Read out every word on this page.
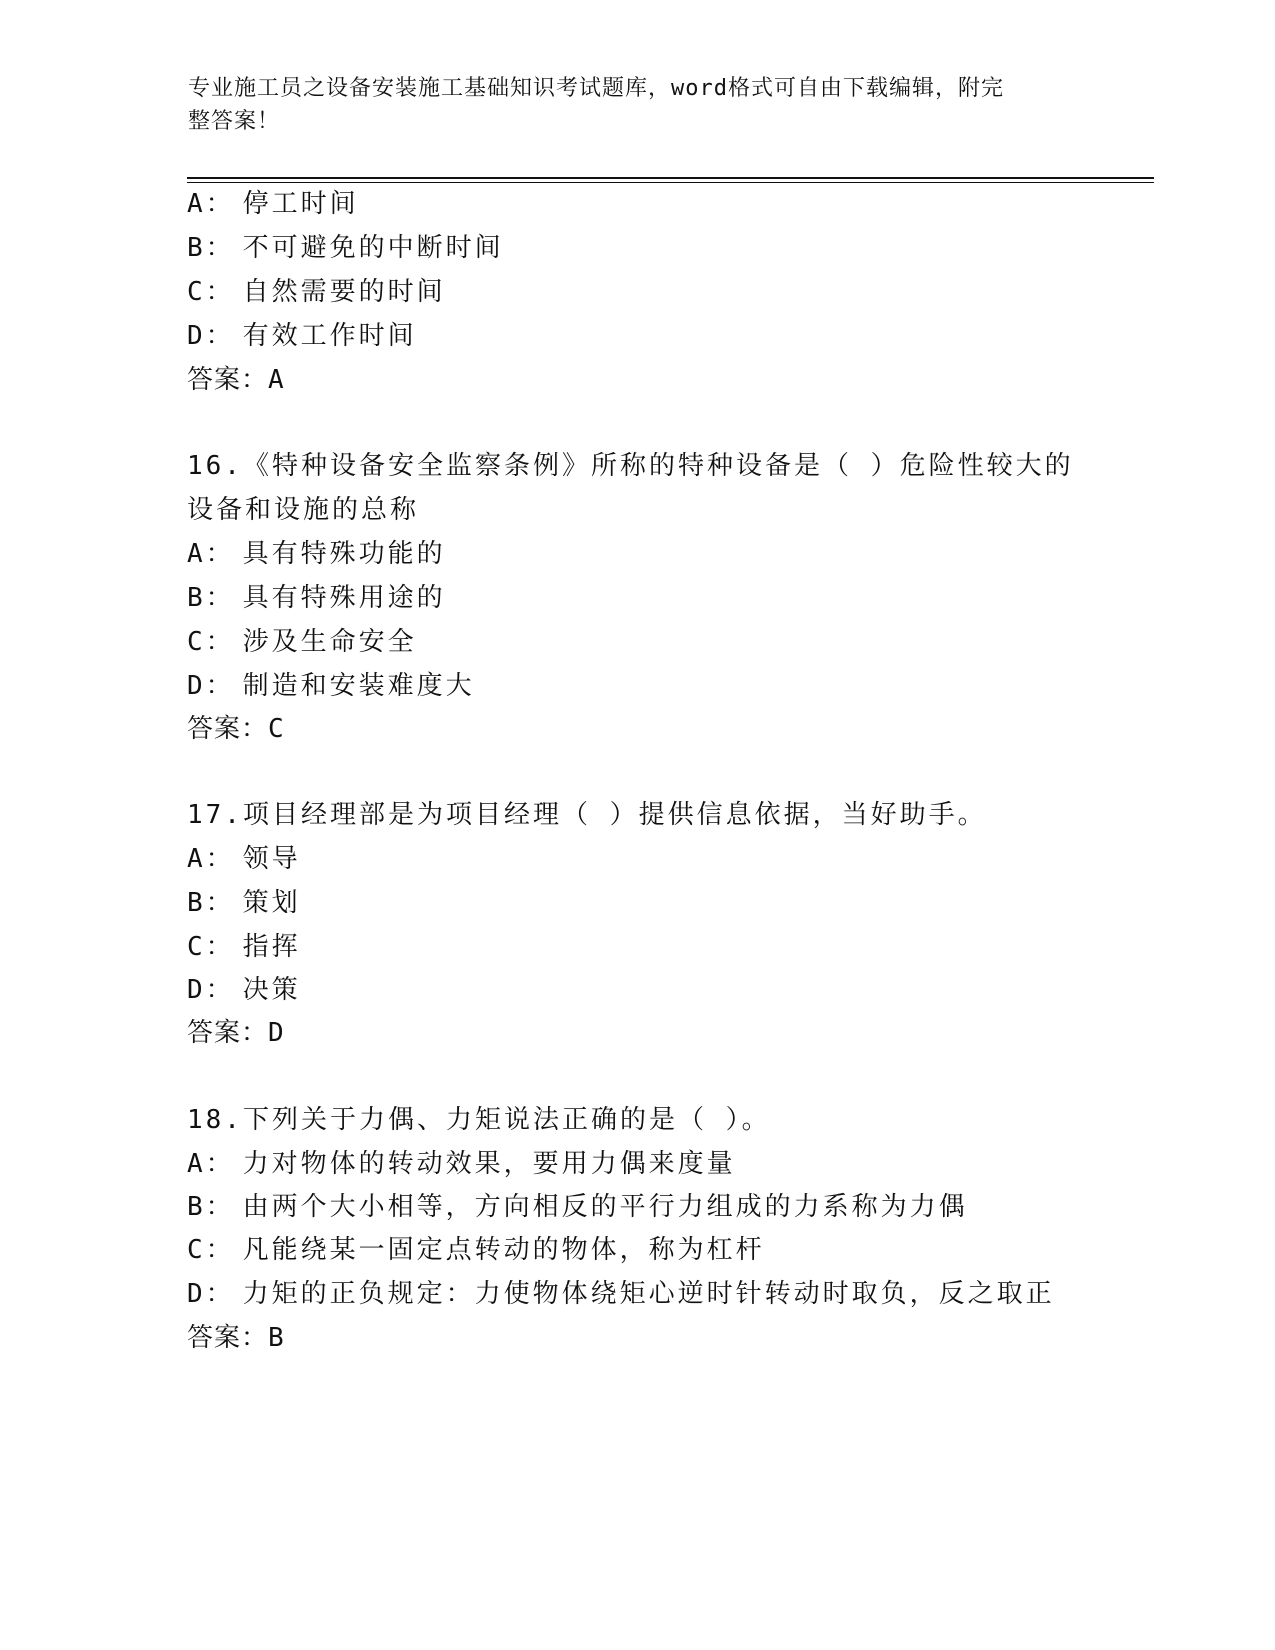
专业施工员之设备安装施工基础知识考试题库，word格式可自由下载编辑，附完
整答案！
A： 停工时间
B： 不可避免的中断时间
C： 自然需要的时间
D： 有效工作时间
答案：A
16.《特种设备安全监察条例》所称的特种设备是（ ）危险性较大的
设备和设施的总称
A： 具有特殊功能的
B： 具有特殊用途的
C： 涉及生命安全
D： 制造和安装难度大
答案：C
17.项目经理部是为项目经理（ ）提供信息依据，当好助手。
A： 领导
B： 策划
C： 指挥
D： 决策
答案：D
18.下列关于力偶、力矩说法正确的是（ ）。
A： 力对物体的转动效果，要用力偶来度量
B： 由两个大小相等，方向相反的平行力组成的力系称为力偶
C： 凡能绕某一固定点转动的物体，称为杠杆
D： 力矩的正负规定：力使物体绕矩心逆时针转动时取负，反之取正
答案：B
